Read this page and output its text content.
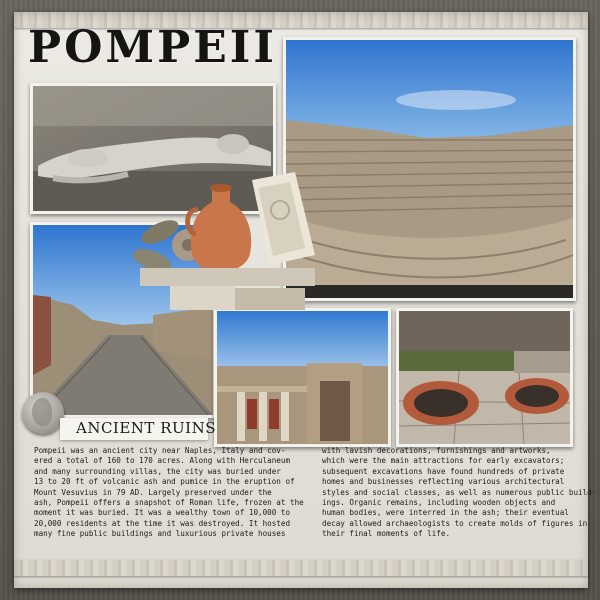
POMPEII
ANCIENT RUINS
Pompeii was an ancient city near Naples, Italy and cov-
ered a total of 160 to 170 acres. Along with Herculaneum
and many surrounding villas, the city was buried under
13 to 20 ft of volcanic ash and pumice in the eruption of
Mount Vesuvius in 79 AD. Largely preserved under the
ash, Pompeii offers a snapshot of Roman life, frozen at the
moment it was buried. It was a wealthy town of 10,000 to
20,000 residents at the time it was destroyed. It hosted
many fine public buildings and luxurious private houses
with lavish decorations, furnishings and artworks,
which were the main attractions for early excavators;
subsequent excavations have found hundreds of private
homes and businesses reflecting various architectural
styles and social classes, as well as numerous public build-
ings. Organic remains, including wooden objects and
human bodies, were interred in the ash; their eventual
decay allowed archaeologists to create molds of figures in
their final moments of life.
